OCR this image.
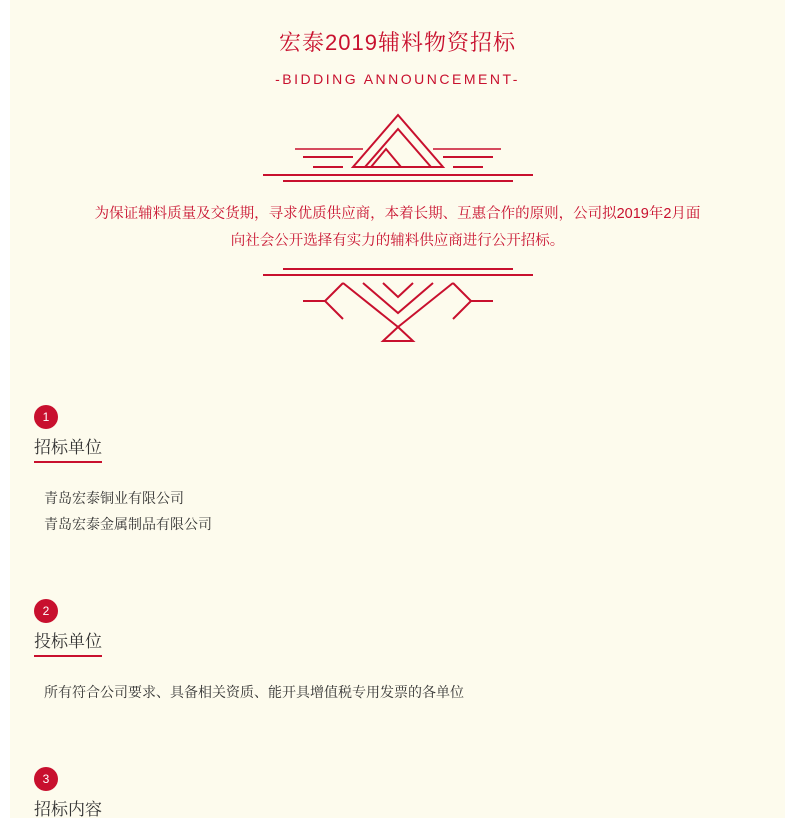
宏泰2019辅料物资招标
-BIDDING ANNOUNCEMENT-
为保证辅料质量及交货期，寻求优质供应商，本着长期、互惠合作的原则，公司拟2019年2月面向社会公开选择有实力的辅料供应商进行公开招标。
1
招标单位
青岛宏泰铜业有限公司
青岛宏泰金属制品有限公司
2
投标单位
所有符合公司要求、具备相关资质、能开具增值税专用发票的各单位
3
招标内容
